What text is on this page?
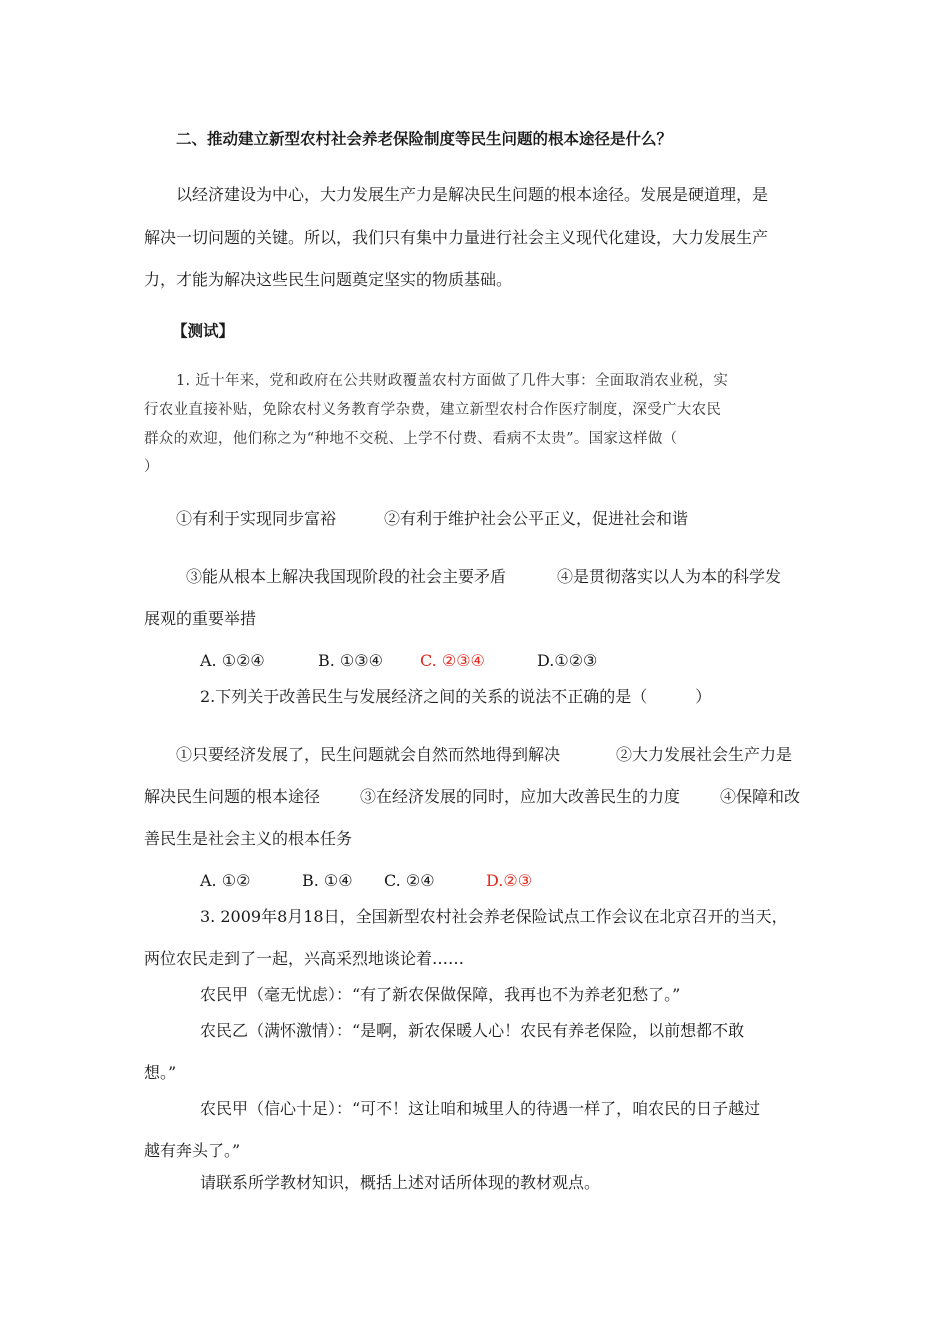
二、推动建立新型农村社会养老保险制度等民生问题的根本途径是什么？
以经济建设为中心，大力发展生产力是解决民生问题的根本途径。发展是硬道理，是
解决一切问题的关键。所以，我们只有集中力量进行社会主义现代化建设，大力发展生产
力，才能为解决这些民生问题奠定坚实的物质基础。
【测试】
1. 近十年来，党和政府在公共财政覆盖农村方面做了几件大事：全面取消农业税，实
行农业直接补贴，免除农村义务教育学杂费，建立新型农村合作医疗制度，深受广大农民
群众的欢迎，他们称之为“种地不交税、上学不付费、看病不太贵”。国家这样做（
）
①有利于实现同步富裕	②有利于维护社会公平正义，促进社会和谐
③能从根本上解决我国现阶段的社会主要矛盾	④是贯彻落实以人为本的科学发
展观的重要举措
A. ①②④	B. ①③④ C. ②③④	D.①②③
2.下列关于改善民生与发展经济之间的关系的说法不正确的是（　　　）
①只要经济发展了，民生问题就会自然而然地得到解决	②大力发展社会生产力是
解决民生问题的根本途径 ③在经济发展的同时，应加大改善民生的力度 ④保障和改
善民生是社会主义的根本任务
A. ①②	B. ①④ C. ②④	D.②③
3. 2009年8月18日，全国新型农村社会养老保险试点工作会议在北京召开的当天，
两位农民走到了一起，兴高采烈地谈论着……
农民甲（毫无忧虑）：“有了新农保做保障，我再也不为养老犯愁了。”
农民乙（满怀激情）：“是啊，新农保暖人心！农民有养老保险，以前想都不敢
想。”
农民甲（信心十足）：“可不！这让咱和城里人的待遇一样了，咱农民的日子越过
越有奔头了。”
请联系所学教材知识，概括上述对话所体现的教材观点。
